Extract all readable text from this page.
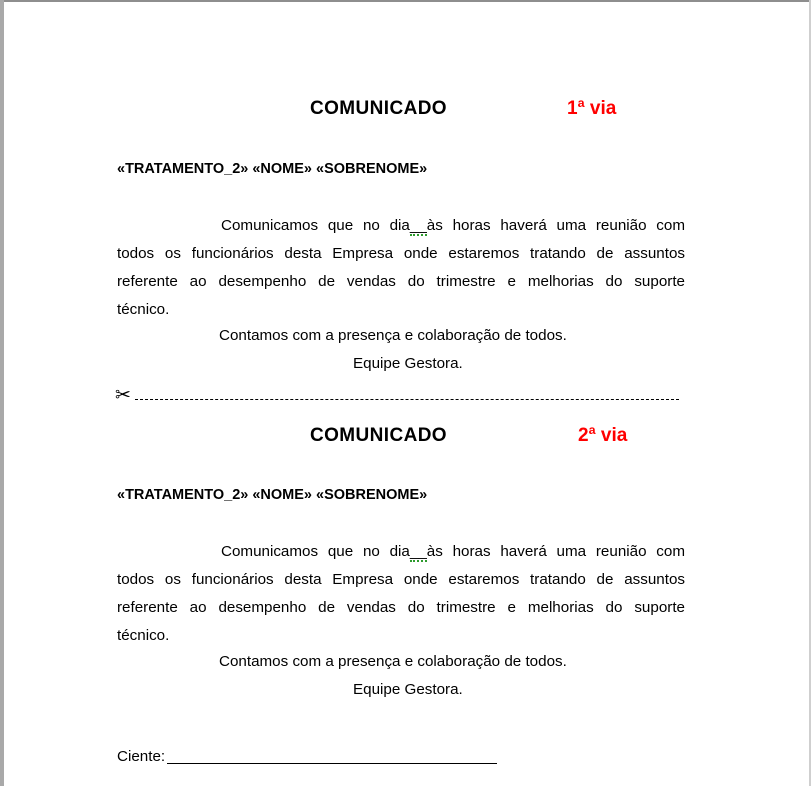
COMUNICADO	1ª via
«TRATAMENTO_2» «NOME» «SOBRENOME»
Comunicamos que no dia__às horas haverá uma reunião com
todos os funcionários desta Empresa onde estaremos tratando de assuntos
referente ao desempenho de vendas do trimestre e melhorias do suporte
técnico.
Contamos com a presença e colaboração de todos.
Equipe Gestora.
✂
COMUNICADO	2ª via
«TRATAMENTO_2» «NOME» «SOBRENOME»
Comunicamos que no dia__às horas haverá uma reunião com
todos os funcionários desta Empresa onde estaremos tratando de assuntos
referente ao desempenho de vendas do trimestre e melhorias do suporte
técnico.
Contamos com a presença e colaboração de todos.
Equipe Gestora.
Ciente:
